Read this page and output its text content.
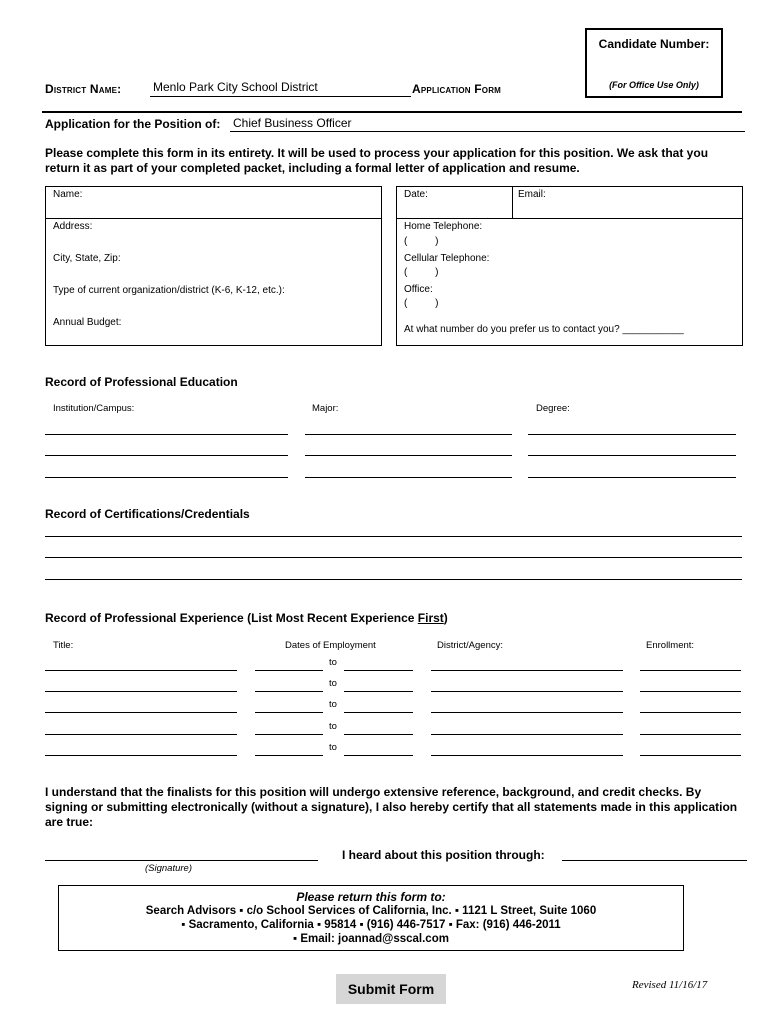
Candidate Number:
(For Office Use Only)
District Name:	Menlo Park City School District	Application Form
Application for the Position of: Chief Business Officer
Please complete this form in its entirety. It will be used to process your application for this position. We ask that you return it as part of your completed packet, including a formal letter of application and resume.
Name:
Address:
City, State, Zip:
Type of current organization/district (K-6, K-12, etc.):
Annual Budget:
Date:	Email:
Home Telephone:
(          )
Cellular Telephone:
(          )
Office:
(          )
At what number do you prefer us to contact you? ___________
Record of Professional Education
Institution/Campus:	Major:	Degree:
Record of Certifications/Credentials
Record of Professional Experience (List Most Recent Experience First)
Title:	Dates of Employment	District/Agency:	Enrollment:
to
to
to
to
to
I understand that the finalists for this position will undergo extensive reference, background, and credit checks. By signing or submitting electronically (without a signature), I also hereby certify that all statements made in this application are true:
(Signature)
I heard about this position through:
Please return this form to:
Search Advisors ▪ c/o School Services of California, Inc. ▪ 1121 L Street, Suite 1060
▪ Sacramento, California ▪ 95814 ▪ (916) 446-7517 ▪ Fax: (916) 446-2011
▪ Email: joannad@sscal.com
Submit Form	Revised 11/16/17
